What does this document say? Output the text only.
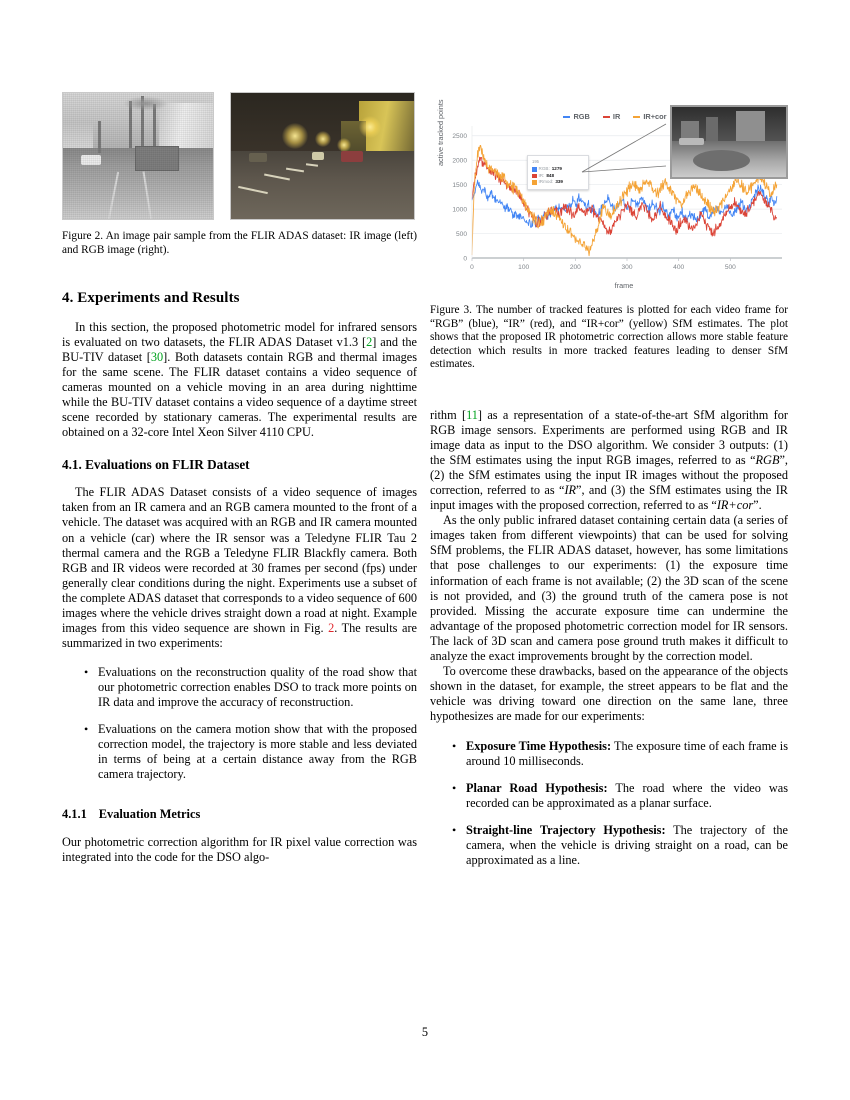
Figure 2. An image pair sample from the FLIR ADAS dataset: IR image (left) and RGB image (right).

RGB	IR	IR+cor
0
500
1000
1500
2000
2500
0	100	200	300	400	500
active tracked points
frame
195
RGB: 1279
IR: 848
IRmod: 339

Figure 3. The number of tracked features is plotted for each video frame for “RGB” (blue), “IR” (red), and “IR+cor” (yellow) SfM estimates. The plot shows that the proposed IR photometric correction allows more stable feature detection which results in more tracked features leading to denser SfM estimates.

4. Experiments and Results

In this section, the proposed photometric model for infrared sensors is evaluated on two datasets, the FLIR ADAS Dataset v1.3 [2] and the BU-TIV dataset [30]. Both datasets contain RGB and thermal images for the same scene. The FLIR dataset contains a video sequence of cameras mounted on a vehicle moving in an area during nighttime while the BU-TIV dataset contains a video sequence of a daytime street scene recorded by stationary cameras. The experimental results are obtained on a 32-core Intel Xeon Silver 4110 CPU.

4.1. Evaluations on FLIR Dataset

The FLIR ADAS Dataset consists of a video sequence of images taken from an IR camera and an RGB camera mounted to the front of a vehicle. The dataset was acquired with an RGB and IR camera mounted on a vehicle (car) where the IR sensor was a Teledyne FLIR Tau 2 thermal camera and the RGB a Teledyne FLIR Blackfly camera. Both RGB and IR videos were recorded at 30 frames per second (fps) under generally clear conditions during the night. Experiments use a subset of the complete ADAS dataset that corresponds to a video sequence of 600 images where the vehicle drives straight down a road at night. Example images from this video sequence are shown in Fig. 2. The results are summarized in two experiments:

• Evaluations on the reconstruction quality of the road show that our photometric correction enables DSO to track more points on IR data and improve the accuracy of reconstruction.
• Evaluations on the camera motion show that with the proposed correction model, the trajectory is more stable and less deviated in terms of being at a certain distance away from the RGB camera trajectory.
4.1.1 Evaluation Metrics

Our photometric correction algorithm for IR pixel value correction was integrated into the code for the DSO algo-

rithm [11] as a representation of a state-of-the-art SfM algorithm for RGB image sensors. Experiments are performed using RGB and IR image data as input to the DSO algorithm. We consider 3 outputs: (1) the SfM estimates using the input RGB images, referred to as “RGB”, (2) the SfM estimates using the input IR images without the proposed correction, referred to as “IR”, and (3) the SfM estimates using the IR input images with the proposed correction, referred to as “IR+cor”.

As the only public infrared dataset containing certain data (a series of images taken from different viewpoints) that can be used for solving SfM problems, the FLIR ADAS dataset, however, has some limitations that pose challenges to our experiments: (1) the exposure time information of each frame is not available; (2) the 3D scan of the scene is not provided, and (3) the ground truth of the camera pose is not provided. Missing the accurate exposure time can undermine the advantage of the proposed photometric correction model for IR sensors. The lack of 3D scan and camera pose ground truth makes it difficult to analyze the exact improvements brought by the correction model.

To overcome these drawbacks, based on the appearance of the objects shown in the dataset, for example, the street appears to be flat and the vehicle was driving toward one direction on the same lane, three hypothesizes are made for our experiments:

• Exposure Time Hypothesis: The exposure time of each frame is around 10 milliseconds.
• Planar Road Hypothesis: The road where the video was recorded can be approximated as a planar surface.
• Straight-line Trajectory Hypothesis: The trajectory of the camera, when the vehicle is driving straight on a road, can be approximated as a line.
5
